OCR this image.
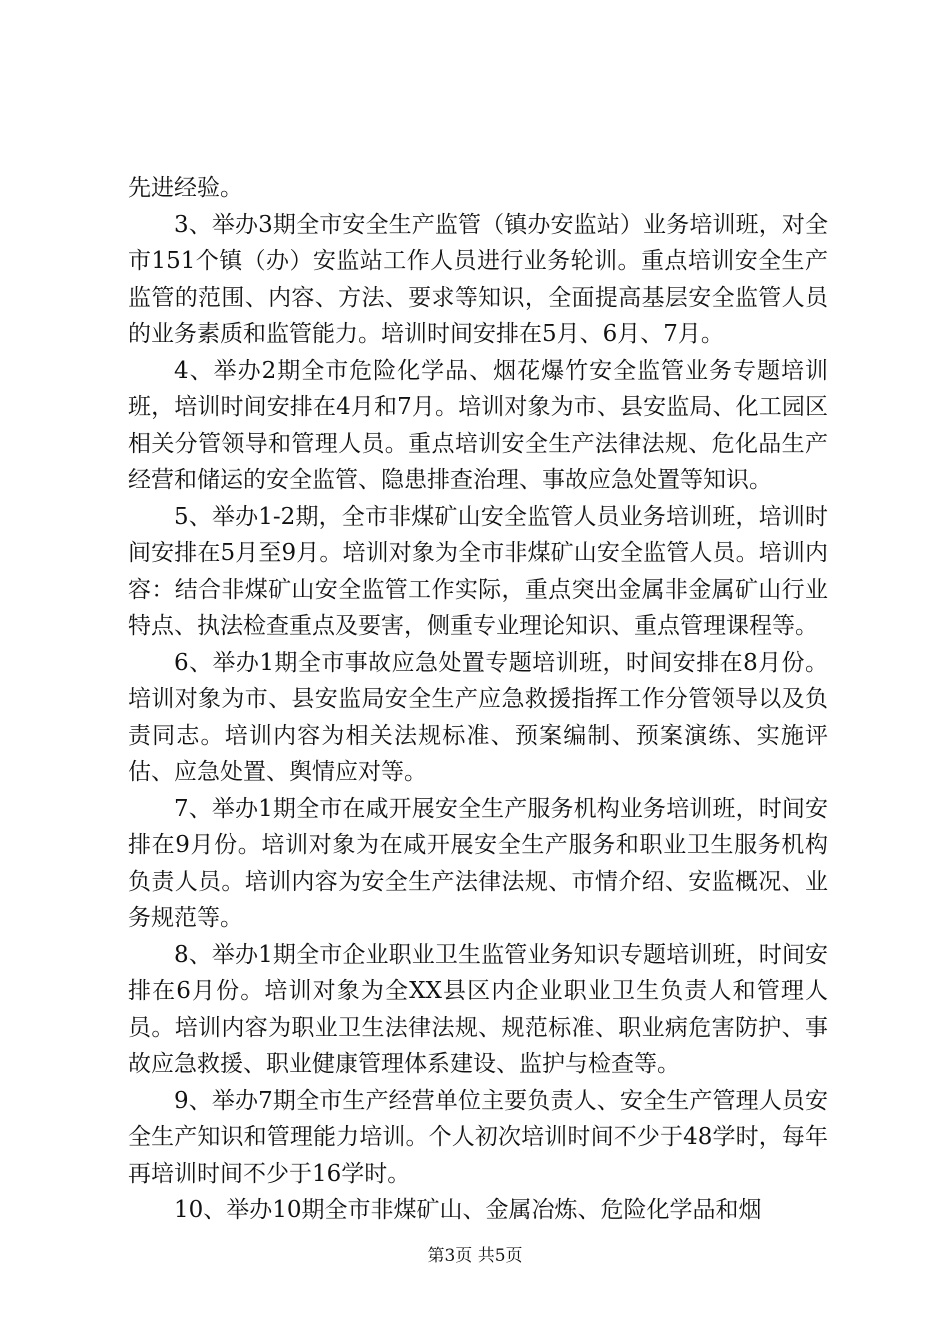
先进经验。

3、举办3期全市安全生产监管（镇办安监站）业务培训班，对全市151个镇（办）安监站工作人员进行业务轮训。重点培训安全生产监管的范围、内容、方法、要求等知识，全面提高基层安全监管人员的业务素质和监管能力。培训时间安排在5月、6月、7月。

4、举办2期全市危险化学品、烟花爆竹安全监管业务专题培训班，培训时间安排在4月和7月。培训对象为市、县安监局、化工园区相关分管领导和管理人员。重点培训安全生产法律法规、危化品生产经营和储运的安全监管、隐患排查治理、事故应急处置等知识。

5、举办1-2期，全市非煤矿山安全监管人员业务培训班，培训时间安排在5月至9月。培训对象为全市非煤矿山安全监管人员。培训内容：结合非煤矿山安全监管工作实际，重点突出金属非金属矿山行业特点、执法检查重点及要害，侧重专业理论知识、重点管理课程等。

6、举办1期全市事故应急处置专题培训班，时间安排在8月份。培训对象为市、县安监局安全生产应急救援指挥工作分管领导以及负责同志。培训内容为相关法规标准、预案编制、预案演练、实施评估、应急处置、舆情应对等。

7、举办1期全市在咸开展安全生产服务机构业务培训班，时间安排在9月份。培训对象为在咸开展安全生产服务和职业卫生服务机构负责人员。培训内容为安全生产法律法规、市情介绍、安监概况、业务规范等。

8、举办1期全市企业职业卫生监管业务知识专题培训班，时间安排在6月份。培训对象为全XX县区内企业职业卫生负责人和管理人员。培训内容为职业卫生法律法规、规范标准、职业病危害防护、事故应急救援、职业健康管理体系建设、监护与检查等。

9、举办7期全市生产经营单位主要负责人、安全生产管理人员安全生产知识和管理能力培训。个人初次培训时间不少于48学时，每年再培训时间不少于16学时。

10、举办10期全市非煤矿山、金属冶炼、危险化学品和烟

第3页 共5页
